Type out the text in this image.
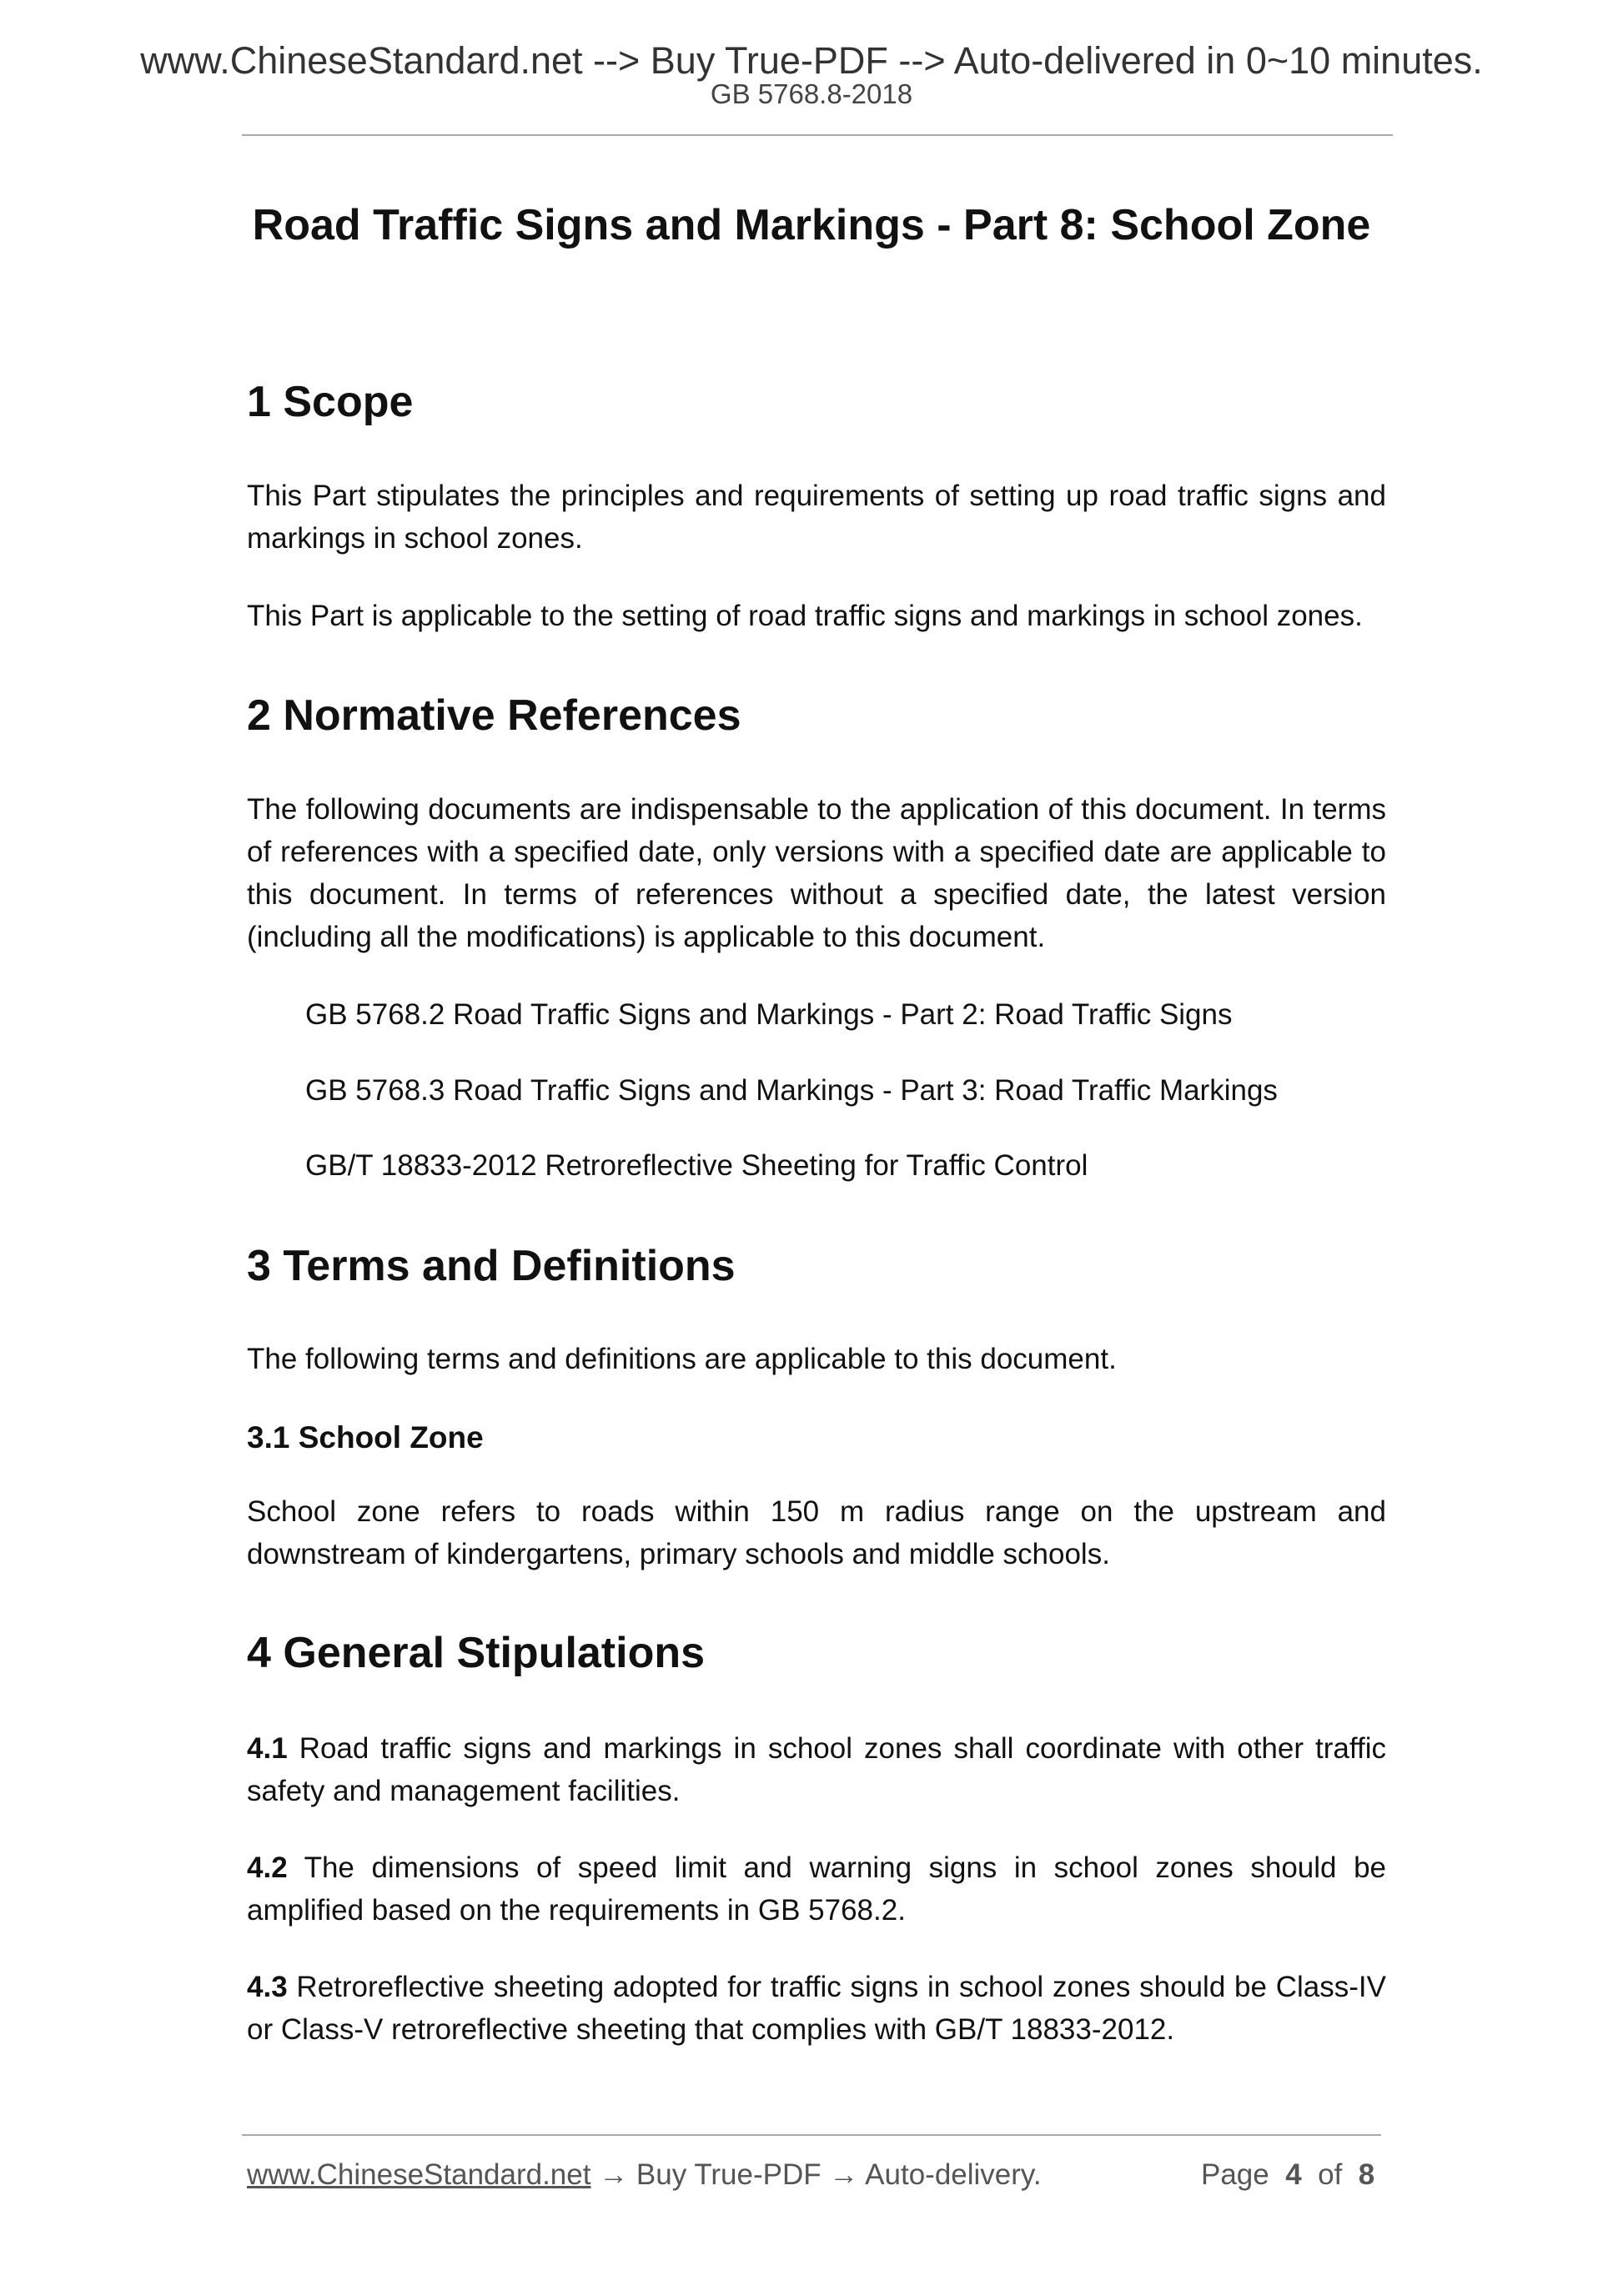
www.ChineseStandard.net --> Buy True-PDF --> Auto-delivered in 0~10 minutes.
GB 5768.8-2018
Road Traffic Signs and Markings - Part 8: School Zone
1 Scope
This Part stipulates the principles and requirements of setting up road traffic signs and markings in school zones.
This Part is applicable to the setting of road traffic signs and markings in school zones.
2 Normative References
The following documents are indispensable to the application of this document. In terms of references with a specified date, only versions with a specified date are applicable to this document. In terms of references without a specified date, the latest version (including all the modifications) is applicable to this document.
GB 5768.2 Road Traffic Signs and Markings - Part 2: Road Traffic Signs
GB 5768.3 Road Traffic Signs and Markings - Part 3: Road Traffic Markings
GB/T 18833-2012 Retroreflective Sheeting for Traffic Control
3 Terms and Definitions
The following terms and definitions are applicable to this document.
3.1 School Zone
School zone refers to roads within 150 m radius range on the upstream and downstream of kindergartens, primary schools and middle schools.
4 General Stipulations
4.1 Road traffic signs and markings in school zones shall coordinate with other traffic safety and management facilities.
4.2 The dimensions of speed limit and warning signs in school zones should be amplified based on the requirements in GB 5768.2.
4.3 Retroreflective sheeting adopted for traffic signs in school zones should be Class-IV or Class-V retroreflective sheeting that complies with GB/T 18833-2012.
www.ChineseStandard.net → Buy True-PDF → Auto-delivery.	Page 4 of 8
